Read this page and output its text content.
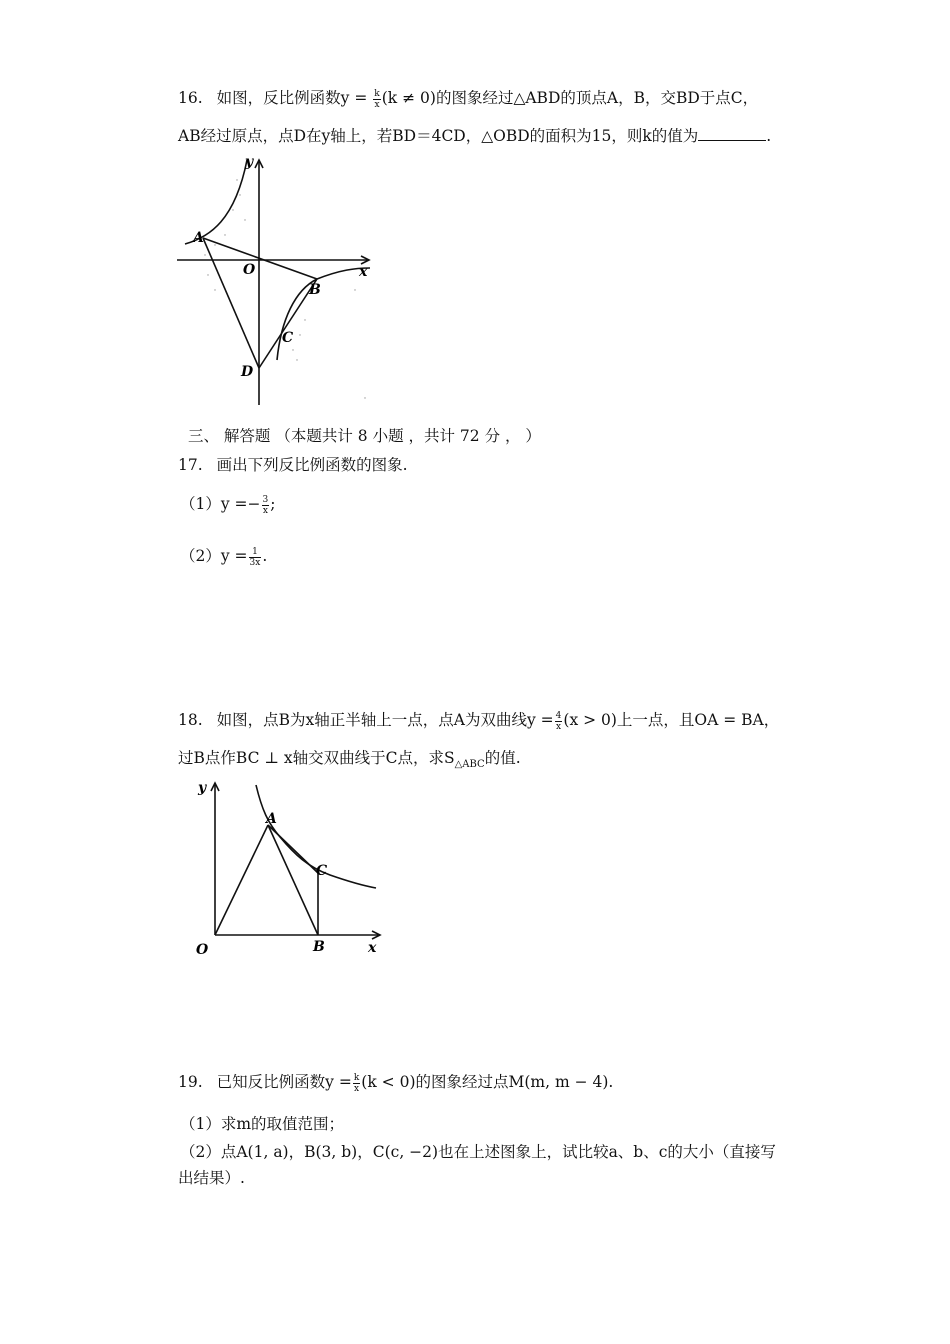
16. 如图，反比例函数$y = \frac{k}{x} (k \ne 0)$的图象经过△ABD的顶点A，B，交BD于点C，
AB经过原点，点D在y轴上，若BD＝4CD，△OBD的面积为15，则k的值为	.
A
O
B
C
D
y
x
三、 解答题 （本题共计 8 小题 ，共计 72 分 ， ）
17. 画出下列反比例函数的图象.
$(1)y =- \frac{3}{x}$ ;
$(2)y = \frac{1}{3x}$ .
18. 如图，点B为x轴正半轴上一点，点A为双曲线$y = \frac{4}{x} (x > 0)$上一点，且OA = BA，
过B点作BC ⊥ x轴交双曲线于C点，求$S_{\triangle ABC}$的值.
y
A
C
O	B	x
19. 已知反比例函数$y = \frac{k}{x} (k < 0)$的图象经过点M(m, m − 4).
（1）求m的取值范围；
（2）点A(1, a)，B(3, b)，C(c, −2)也在上述图象上，试比较a、b、c的大小（直接写
出结果）.
